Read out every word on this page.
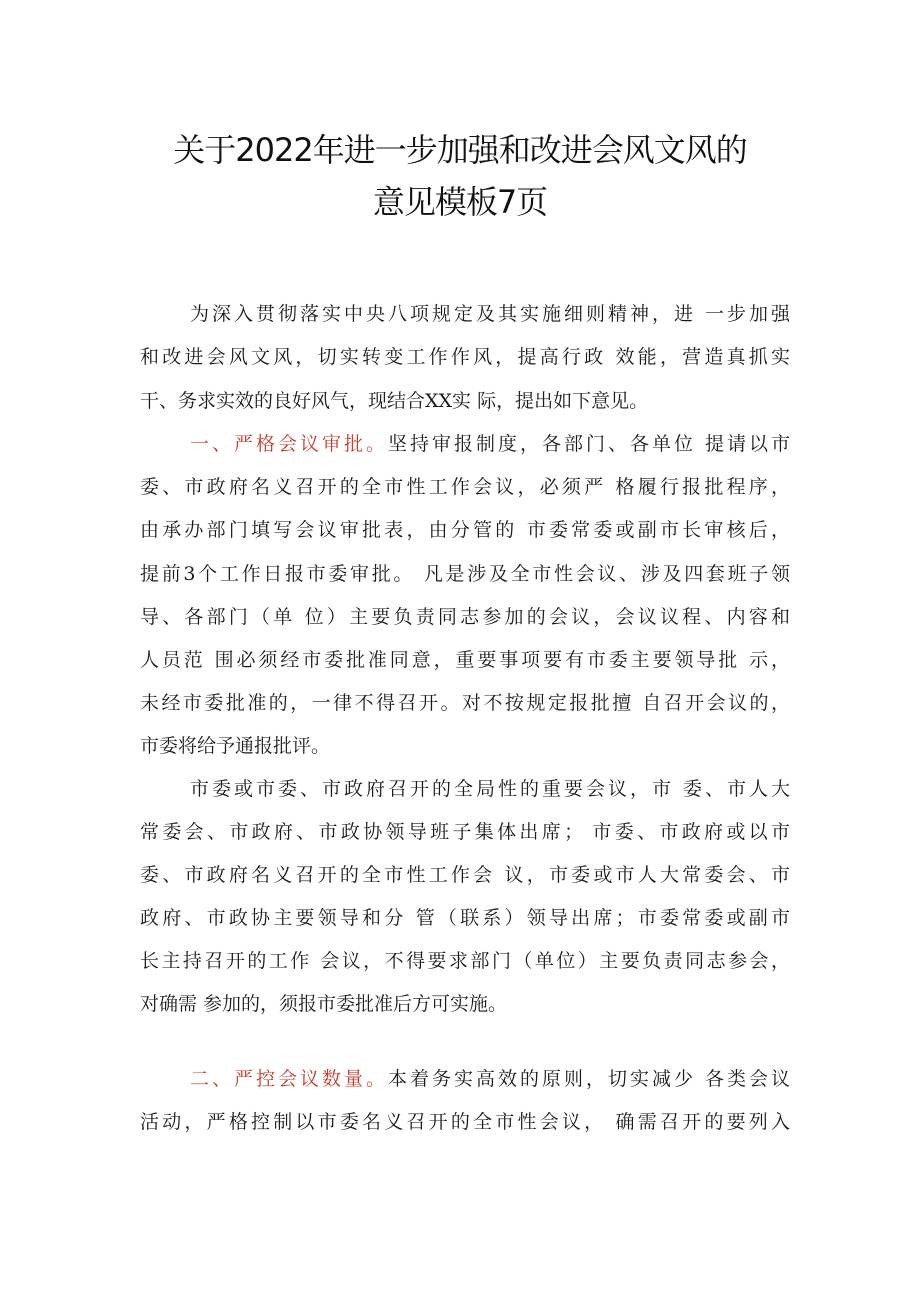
关于2022年进一步加强和改进会风文风的
意见模板7页
为深入贯彻落实中央八项规定及其实施细则精神，进 一步加强
和改进会风文风，切实转变工作作风，提高行政 效能，营造真抓实
干、务求实效的良好风气，现结合XX实 际，提出如下意见。
一、严格会议审批。坚持审报制度，各部门、各单位 提请以市
委、市政府名义召开的全市性工作会议，必须严 格履行报批程序，
由承办部门填写会议审批表，由分管的 市委常委或副市长审核后，
提前3个工作日报市委审批。 凡是涉及全市性会议、涉及四套班子领
导、各部门（单 位）主要负责同志参加的会议，会议议程、内容和
人员范 围必须经市委批准同意，重要事项要有市委主要领导批 示，
未经市委批准的，一律不得召开。对不按规定报批擅 自召开会议的，
市委将给予通报批评。
市委或市委、市政府召开的全局性的重要会议，市 委、市人大
常委会、市政府、市政协领导班子集体出席； 市委、市政府或以市
委、市政府名义召开的全市性工作会 议，市委或市人大常委会、市
政府、市政协主要领导和分 管（联系）领导出席；市委常委或副市
长主持召开的工作 会议，不得要求部门（单位）主要负责同志参会，
对确需 参加的，须报市委批准后方可实施。
二、严控会议数量。本着务实高效的原则，切实减少 各类会议
活动，严格控制以市委名义召开的全市性会议， 确需召开的要列入
